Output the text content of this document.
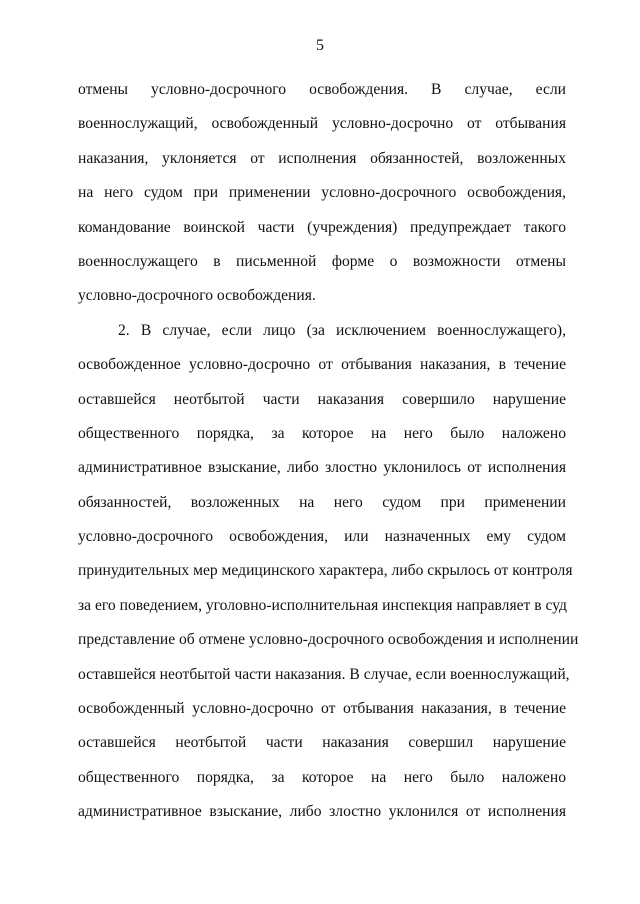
5
отмены условно-досрочного освобождения. В случае, если
военнослужащий, освобожденный условно-досрочно от отбывания
наказания, уклоняется от исполнения обязанностей, возложенных
на него судом при применении условно-досрочного освобождения,
командование воинской части (учреждения) предупреждает такого
военнослужащего в письменной форме о возможности отмены
условно-досрочного освобождения.
2. В случае, если лицо (за исключением военнослужащего),
освобожденное условно-досрочно от отбывания наказания, в течение
оставшейся неотбытой части наказания совершило нарушение
общественного порядка, за которое на него было наложено
административное взыскание, либо злостно уклонилось от исполнения
обязанностей, возложенных на него судом при применении
условно-досрочного освобождения, или назначенных ему судом
принудительных мер медицинского характера, либо скрылось от контроля
за его поведением, уголовно-исполнительная инспекция направляет в суд
представление об отмене условно-досрочного освобождения и исполнении
оставшейся неотбытой части наказания. В случае, если военнослужащий,
освобожденный условно-досрочно от отбывания наказания, в течение
оставшейся неотбытой части наказания совершил нарушение
общественного порядка, за которое на него было наложено
административное взыскание, либо злостно уклонился от исполнения
